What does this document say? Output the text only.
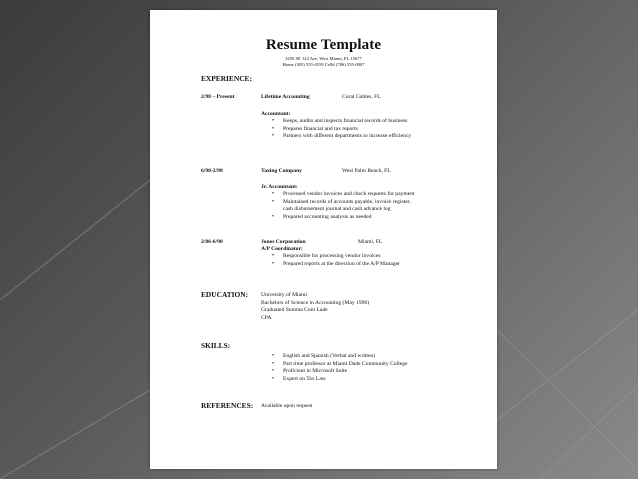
Resume Template
3450 SE 123 Ave, West Miami, FL 15677
Home (305) 555-4559 Cell# (786) 555-0007
EXPERIENCE:
2/98 – Present	Lifetime Accounting	Coral Gables, FL
Accountant:
• Keeps, audits and inspects financial records of business
• Prepares financial and tax reports
• Partners with different departments to increase efficiency
6/90-2/98	Taxing Company	West Palm Beach, FL
Jr. Accountant:
• Processed vendor invoices and check requests for payment
• Maintained records of accounts payable, invoice register,
cash disbursement journal and cash advance log
• Prepared accounting analysis as needed
2/86-6/90	Jones Corporation	Miami, FL
A/P Coordinator:
• Responsible for processing vendor invoices
• Prepared reports at the direction of the A/P Manager
EDUCATION: University of Miami
Bachelors of Science in Accounting (May 1990)
Graduated Summa Cum Lade
CPA
SKILLS:
• English and Spanish (Verbal and written)
• Part time professor at Miami Dade Community College
• Proficient in Microsoft Suite
• Expert on Tax Law
REFERENCES: Available upon request
